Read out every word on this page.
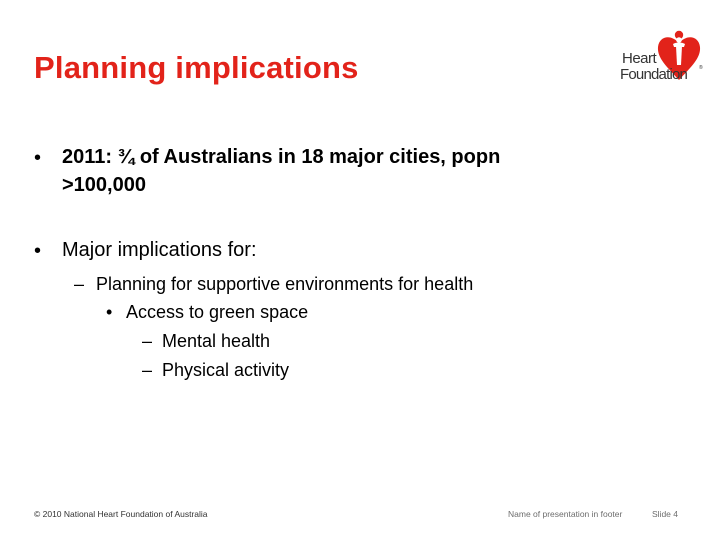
Planning implications	®
Heart
Foundation
• 2011: ¾ of Australians in 18 major cities, popn
>100,000
• Major implications for:
– Planning for supportive environments for health
• Access to green space
– Mental health
– Physical activity
© 2010 National Heart Foundation of Australia	Name of presentation in footer	Slide 4
